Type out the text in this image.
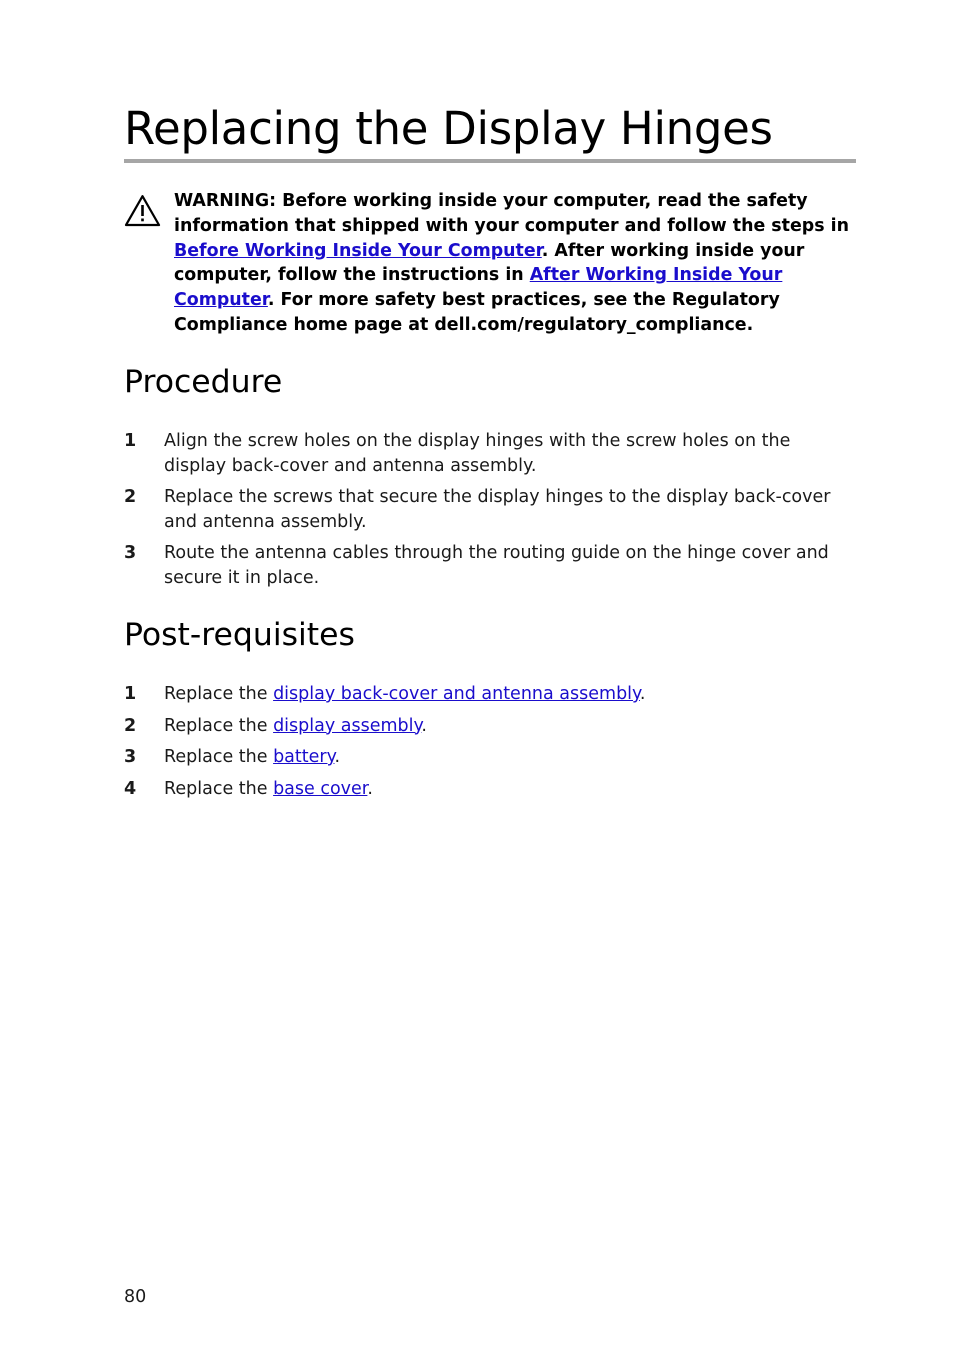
Replacing the Display Hinges

WARNING: Before working inside your computer, read the safety information that shipped with your computer and follow the steps in Before Working Inside Your Computer. After working inside your computer, follow the instructions in After Working Inside Your Computer. For more safety best practices, see the Regulatory Compliance home page at dell.com/regulatory_compliance.

Procedure
1 Align the screw holes on the display hinges with the screw holes on the display back-cover and antenna assembly.
2 Replace the screws that secure the display hinges to the display back-cover and antenna assembly.
3 Route the antenna cables through the routing guide on the hinge cover and secure it in place.
Post-requisites
1 Replace the display back-cover and antenna assembly.
2 Replace the display assembly.
3 Replace the battery.
4 Replace the base cover.
80
